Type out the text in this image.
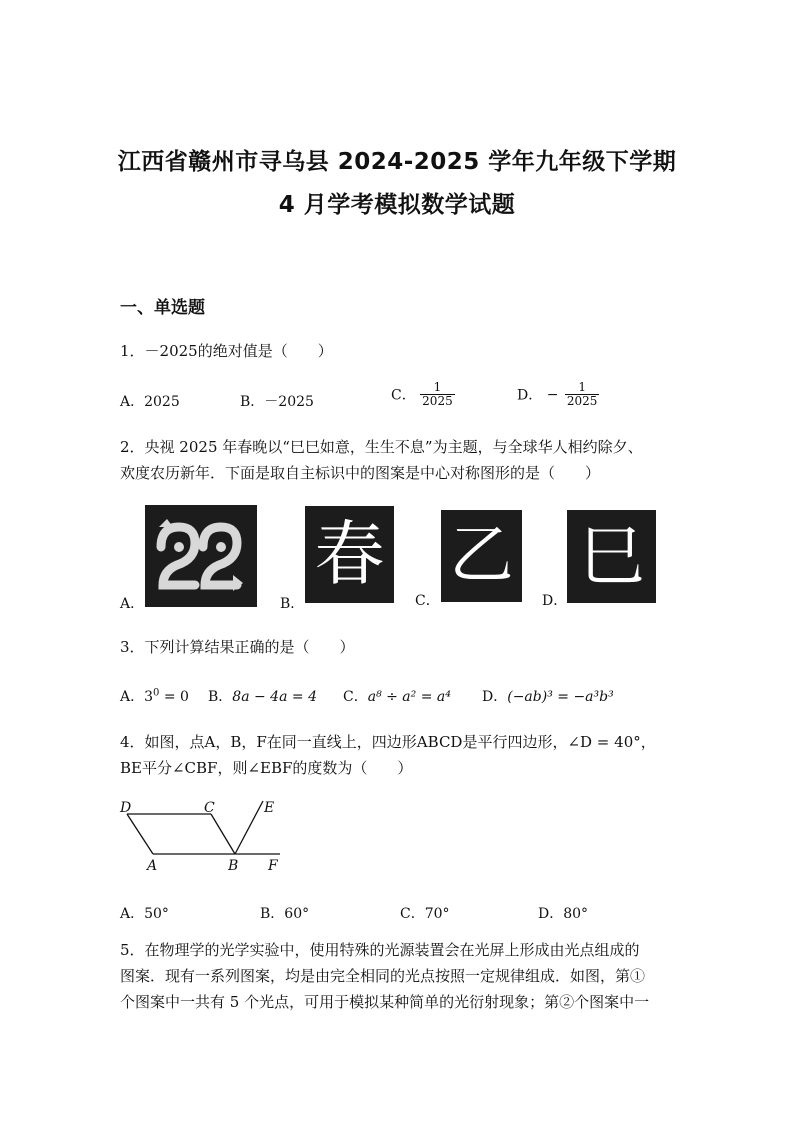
江西省赣州市寻乌县 2024-2025 学年九年级下学期
4 月学考模拟数学试题
一、单选题
1．－2025的绝对值是（　　）
A．2025	B．－2025	C． $\frac{1}{2025}$	D． − $\frac{1}{2025}$
2．央视 2025 年春晚以“巳巳如意，生生不息”为主题，与全球华人相约除夕、
欢度农历新年．下面是取自主标识中的图案是中心对称图形的是（　　）
A．	B．
春
C．
乙
D．
巳
3．下列计算结果正确的是（　　）
A．$3^0 = 0$ B．8a − 4a = 4 C．a⁸ ÷ a² = a⁴ D．(−ab)³ = −a³b³
4．如图，点A，B，F在同一直线上，四边形ABCD是平行四边形，∠D = 40°，
BE平分∠CBF，则∠EBF的度数为（　　）
D	C	E
A	B F
A．50°	B．60°	C．70°	D．80°
5．在物理学的光学实验中，使用特殊的光源装置会在光屏上形成由光点组成的
图案．现有一系列图案，均是由完全相同的光点按照一定规律组成．如图，第①
个图案中一共有 5 个光点，可用于模拟某种简单的光衍射现象；第②个图案中一
